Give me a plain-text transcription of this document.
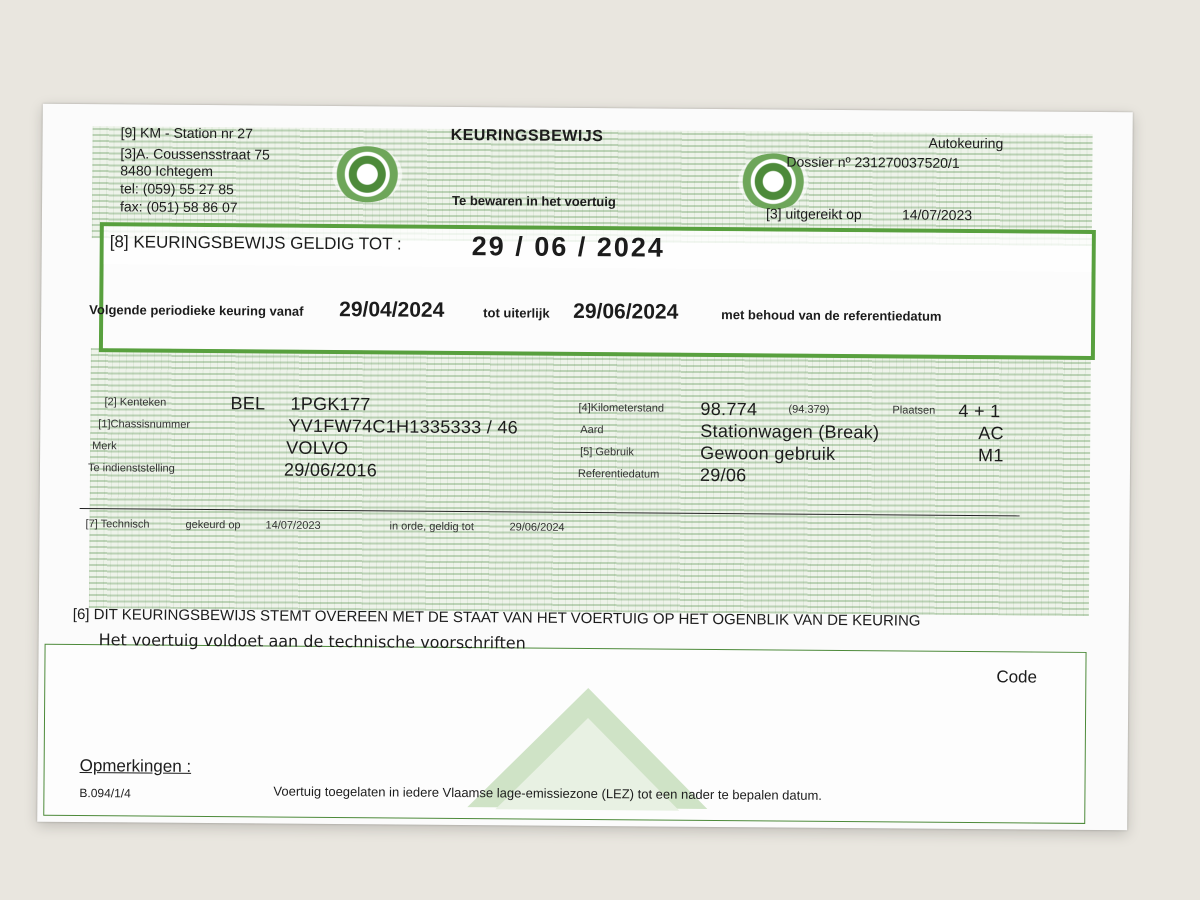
[9] KM - Station nr 27
[3]A. Coussensstraat 75
8480 Ichtegem
tel: (059) 55 27 85
fax: (051) 58 86 07
KEURINGSBEWIJS
Te bewaren in het voertuig
Autokeuring
Dossier nº 231270037520/1
[3] uitgereikt op	14/07/2023
[8] KEURINGSBEWIJS GELDIG TOT :	29 / 06 / 2024
Volgende periodieke keuring vanaf 29/04/2024	tot uiterlijk 29/06/2024	met behoud van de referentiedatum
[2] Kenteken	BEL 1PGK177
[1]Chassisnummer	YV1FW74C1H1335333 / 46
Merk	VOLVO
Te indienststelling	29/06/2016
[4]Kilometerstand 98.774	(94.379)	Plaatsen 4 + 1
Aard	Stationwagen (Break)	AC
[5] Gebruik	Gewoon gebruik	M1
Referentiedatum 29/06
[7] Technisch	gekeurd op 14/07/2023	in orde, geldig tot	29/06/2024
[6] DIT KEURINGSBEWIJS STEMT OVEREEN MET DE STAAT VAN HET VOERTUIG OP HET OGENBLIK VAN DE KEURING
Het voertuig voldoet aan de technische voorschriften
Code
Opmerkingen :
B.094/1/4	Voertuig toegelaten in iedere Vlaamse lage-emissiezone (LEZ) tot een nader te bepalen datum.
